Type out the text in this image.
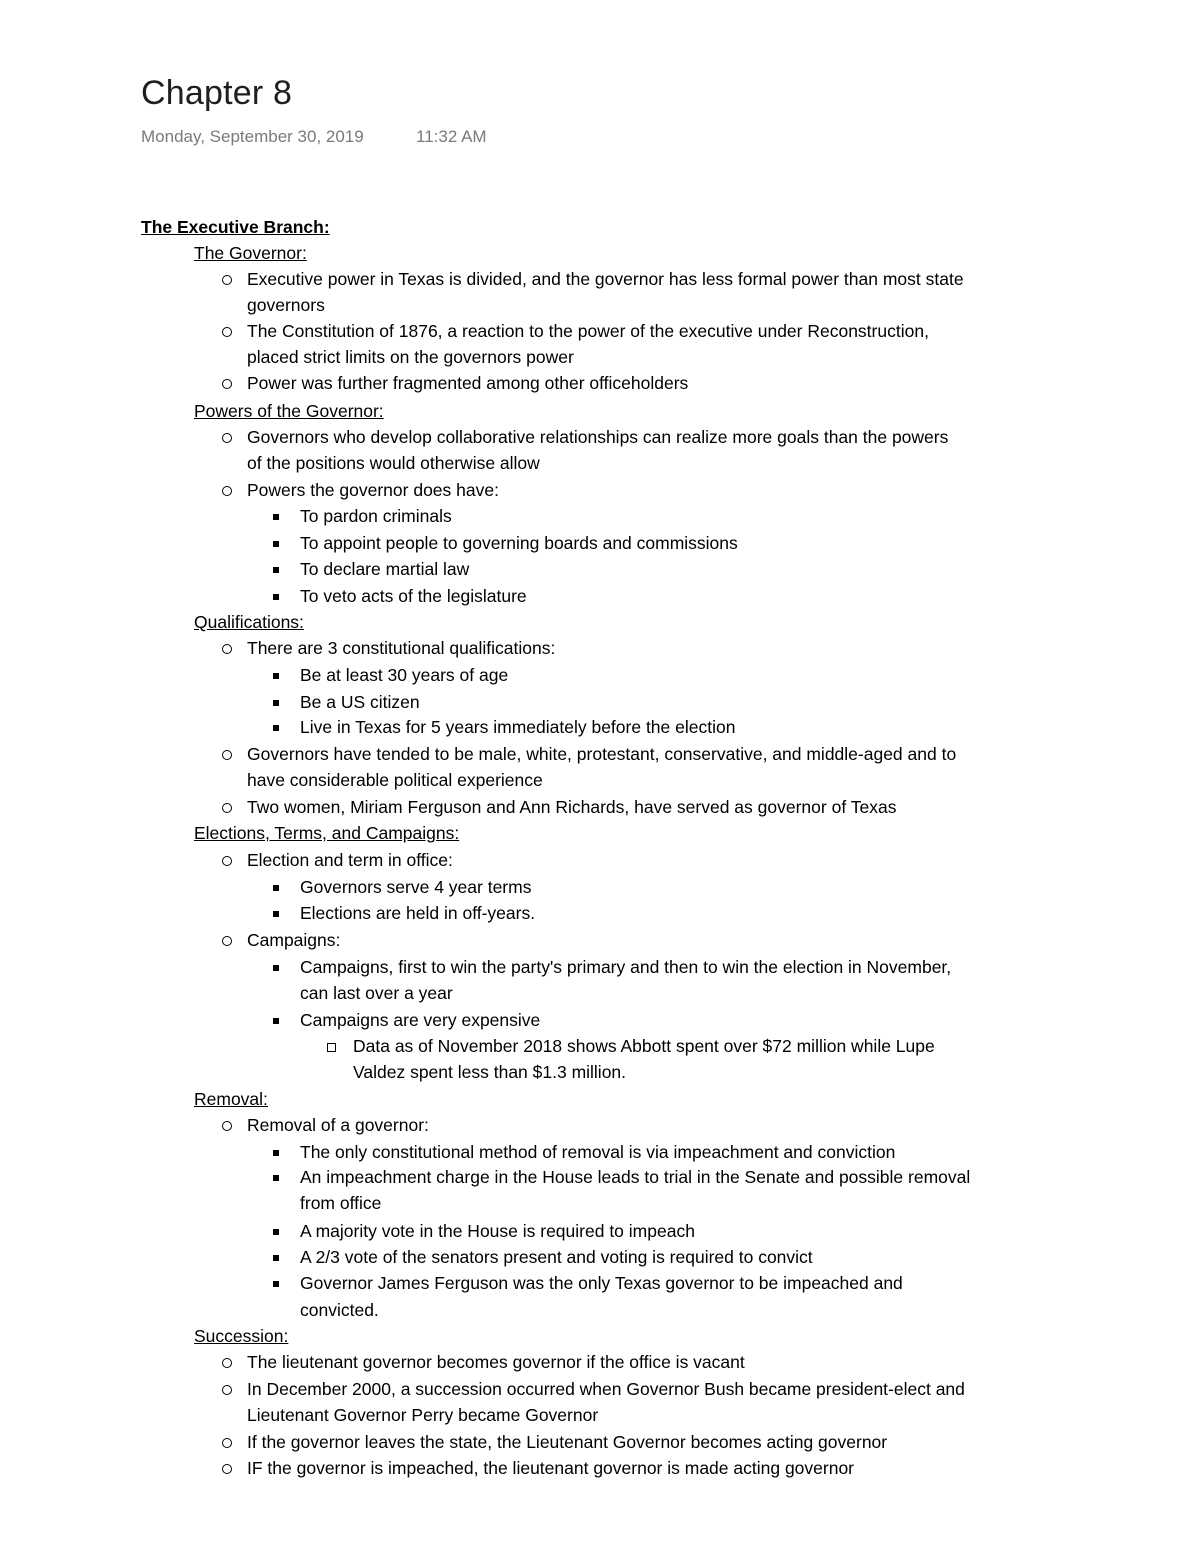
Chapter 8
Monday, September 30, 2019	11:32 AM
The Executive Branch:
The Governor:
Executive power in Texas is divided, and the governor has less formal power than most state
governors
The Constitution of 1876, a reaction to the power of the executive under Reconstruction,
placed strict limits on the governors power
Power was further fragmented among other officeholders
Powers of the Governor:
Governors who develop collaborative relationships can realize more goals than the powers
of the positions would otherwise allow
Powers the governor does have:
To pardon criminals
To appoint people to governing boards and commissions
To declare martial law
To veto acts of the legislature
Qualifications:
There are 3 constitutional qualifications:
Be at least 30 years of age
Be a US citizen
Live in Texas for 5 years immediately before the election
Governors have tended to be male, white, protestant, conservative, and middle-aged and to
have considerable political experience
Two women, Miriam Ferguson and Ann Richards, have served as governor of Texas
Elections, Terms, and Campaigns:
Election and term in office:
Governors serve 4 year terms
Elections are held in off-years.
Campaigns:
Campaigns, first to win the party's primary and then to win the election in November,
can last over a year
Campaigns are very expensive
Data as of November 2018 shows Abbott spent over $72 million while Lupe
Valdez spent less than $1.3 million.
Removal:
Removal of a governor:
The only constitutional method of removal is via impeachment and conviction
An impeachment charge in the House leads to trial in the Senate and possible removal
from office
A majority vote in the House is required to impeach
A 2/3 vote of the senators present and voting is required to convict
Governor James Ferguson was the only Texas governor to be impeached and
convicted.
Succession:
The lieutenant governor becomes governor if the office is vacant
In December 2000, a succession occurred when Governor Bush became president-elect and
Lieutenant Governor Perry became Governor
If the governor leaves the state, the Lieutenant Governor becomes acting governor
IF the governor is impeached, the lieutenant governor is made acting governor
